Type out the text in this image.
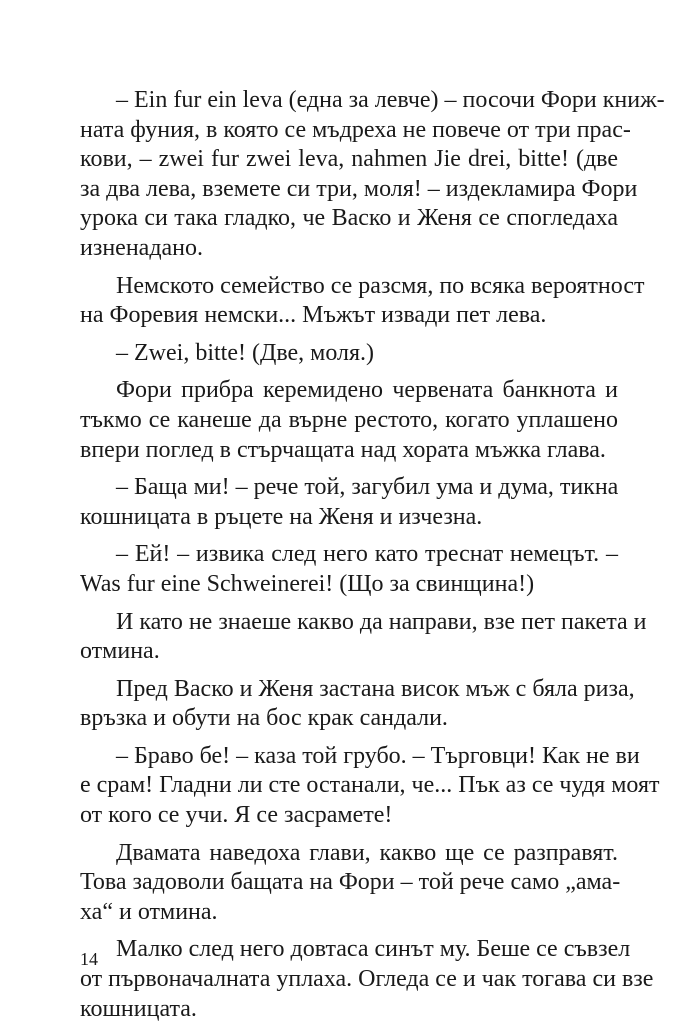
– Ein fur ein leva (една за левче) – посочи Фори книж-
ната фуния, в която се мъдреха не повече от три прас-
кови, – zwei fur zwei leva, nahmen Jie drei, bitte! (две
за два лева, вземете си три, моля! – издекламира Фори
урока си така гладко, че Васко и Женя се спогледаха
изненадано.
Немското семейство се разсмя, по всяка вероятност
на Форевия немски... Мъжът извади пет лева.
– Zwei, bitte! (Две, моля.)
Фори прибра керемидено червената банкнота и
тъкмо се канеше да върне рестото, когато уплашено
впери поглед в стърчащата над хората мъжка глава.
– Баща ми! – рече той, загубил ума и дума, тикна
кошницата в ръцете на Женя и изчезна.
– Ей! – извика след него като треснат немецът. –
Was fur eine Schweinerei! (Що за свинщина!)
И като не знаеше какво да направи, взе пет пакета и
отмина.
Пред Васко и Женя застана висок мъж с бяла риза,
връзка и обути на бос крак сандали.
– Браво бе! – каза той грубо. – Търговци! Как не ви
е срам! Гладни ли сте останали, че... Пък аз се чудя моят
от кого се учи. Я се засрамете!
Двамата наведоха глави, какво ще се разправят.
Това задоволи бащата на Фори – той рече само „ама-
ха“ и отмина.
Малко след него довтаса синът му. Беше се съвзел
от първоначалната уплаха. Огледа се и чак тогава си взе
кошницата.
14
